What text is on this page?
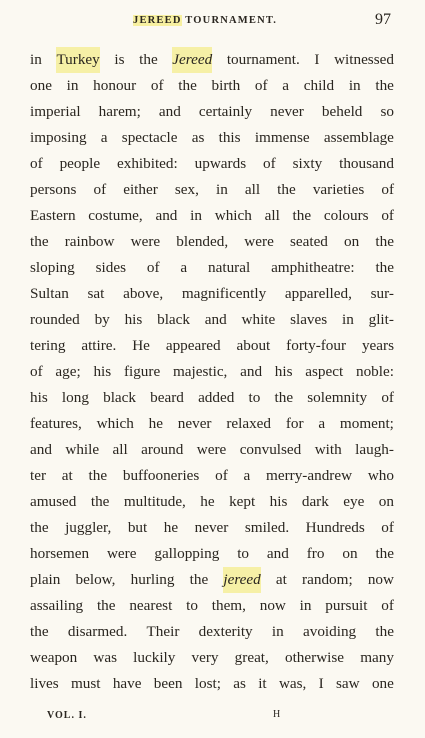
JEREED TOURNAMENT.	97
in Turkey is the Jereed tournament. I witnessed
one in honour of the birth of a child in the
imperial harem; and certainly never beheld so
imposing a spectacle as this immense assemblage
of people exhibited: upwards of sixty thousand
persons of either sex, in all the varieties of
Eastern costume, and in which all the colours of
the rainbow were blended, were seated on the
sloping sides of a natural amphitheatre: the
Sultan sat above, magnificently apparelled, sur-
rounded by his black and white slaves in glit-
tering attire. He appeared about forty-four years
of age; his figure majestic, and his aspect noble:
his long black beard added to the solemnity of
features, which he never relaxed for a moment;
and while all around were convulsed with laugh-
ter at the buffooneries of a merry-andrew who
amused the multitude, he kept his dark eye on
the juggler, but he never smiled. Hundreds of
horsemen were gallopping to and fro on the
plain below, hurling the jereed at random; now
assailing the nearest to them, now in pursuit of
the disarmed. Their dexterity in avoiding the
weapon was luckily very great, otherwise many
lives must have been lost; as it was, I saw one
VOL. I.	H
